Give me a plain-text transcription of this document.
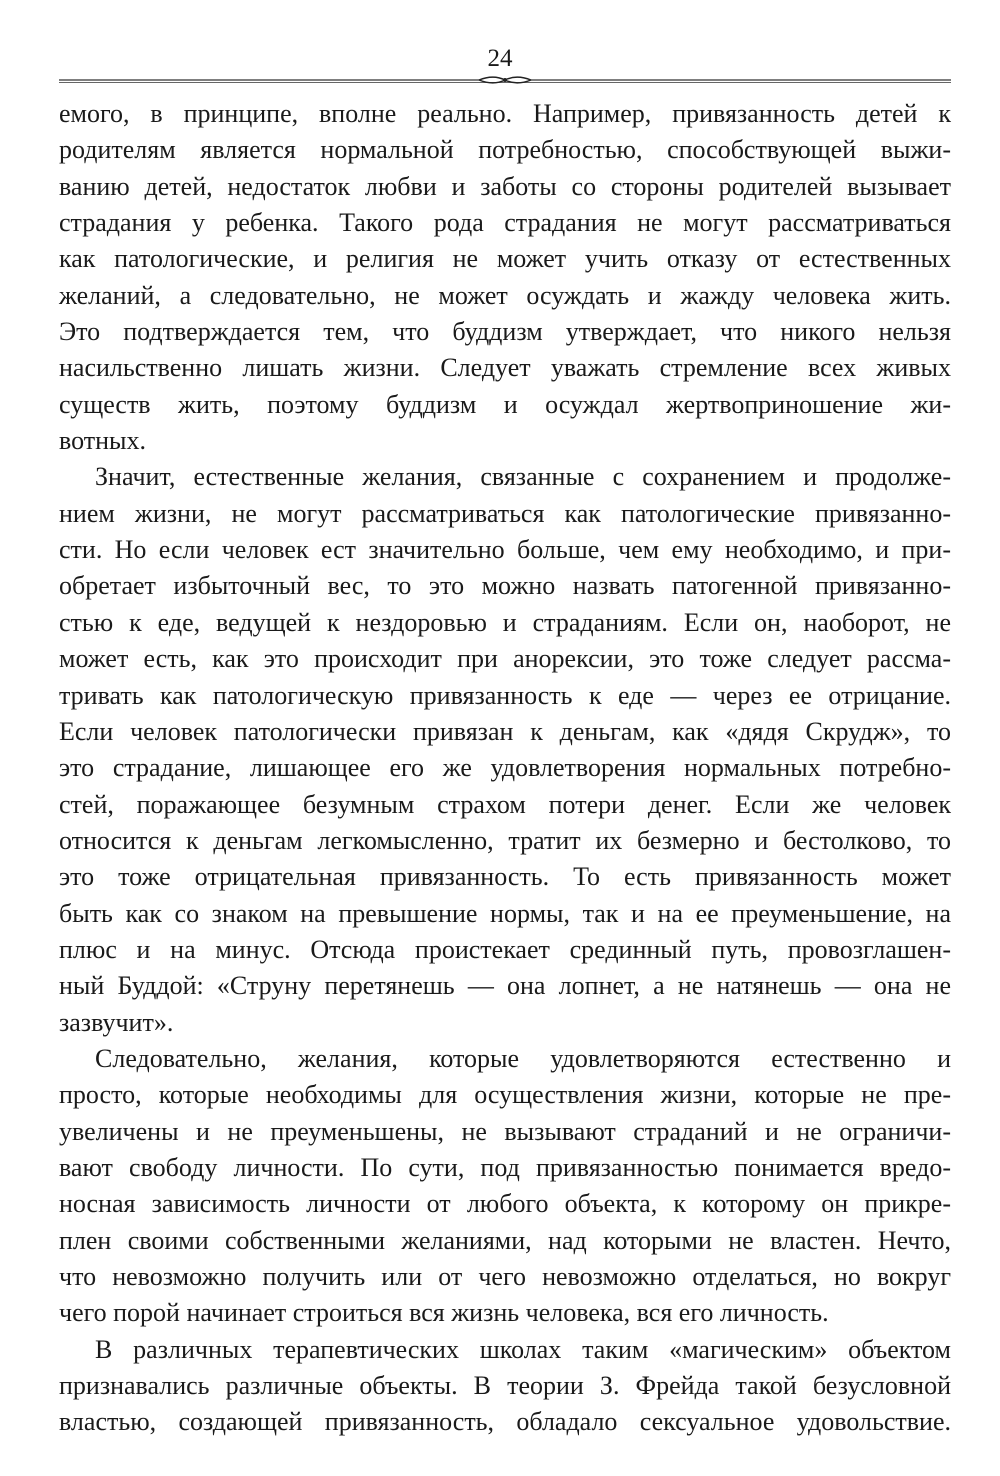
24

емого, в принципе, вполне реально. Например, привязанность детей к
родителям является нормальной потребностью, способствующей выжи-
ванию детей, недостаток любви и заботы со стороны родителей вызывает
страдания у ребенка. Такого рода страдания не могут рассматриваться
как патологические, и религия не может учить отказу от естественных
желаний, а следовательно, не может осуждать и жажду человека жить.
Это подтверждается тем, что буддизм утверждает, что никого нельзя
насильственно лишать жизни. Следует уважать стремление всех живых
существ жить, поэтому буддизм и осуждал жертвоприношение жи-
вотных.

Значит, естественные желания, связанные с сохранением и продолже-
нием жизни, не могут рассматриваться как патологические привязанно-
сти. Но если человек ест значительно больше, чем ему необходимо, и при-
обретает избыточный вес, то это можно назвать патогенной привязанно-
стью к еде, ведущей к нездоровью и страданиям. Если он, наоборот, не
может есть, как это происходит при анорексии, это тоже следует рассма-
тривать как патологическую привязанность к еде — через ее отрицание.
Если человек патологически привязан к деньгам, как «дядя Скрудж», то
это страдание, лишающее его же удовлетворения нормальных потребно-
стей, поражающее безумным страхом потери денег. Если же человек
относится к деньгам легкомысленно, тратит их безмерно и бестолково, то
это тоже отрицательная привязанность. То есть привязанность может
быть как со знаком на превышение нормы, так и на ее преуменьшение, на
плюс и на минус. Отсюда проистекает срединный путь, провозглашен-
ный Буддой: «Струну перетянешь — она лопнет, а не натянешь — она не
зазвучит».

Следовательно, желания, которые удовлетворяются естественно и
просто, которые необходимы для осуществления жизни, которые не пре-
увеличены и не преуменьшены, не вызывают страданий и не ограничи-
вают свободу личности. По сути, под привязанностью понимается вредо-
носная зависимость личности от любого объекта, к которому он прикре-
плен своими собственными желаниями, над которыми не властен. Нечто,
что невозможно получить или от чего невозможно отделаться, но вокруг
чего порой начинает строиться вся жизнь человека, вся его личность.

В различных терапевтических школах таким «магическим» объектом
признавались различные объекты. В теории З. Фрейда такой безусловной
властью, создающей привязанность, обладало сексуальное удовольствие.
